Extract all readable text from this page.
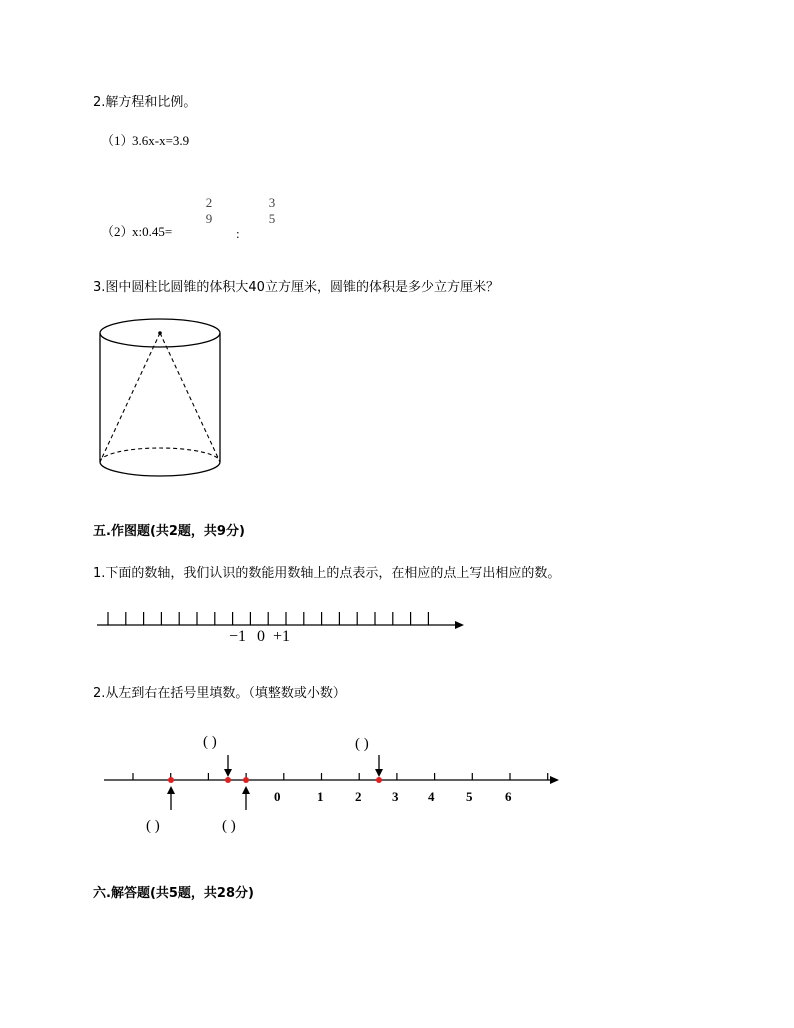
2.解方程和比例。
（1）
3.6x-x=3.9
（2）
x:0.45=
2
9
:
3
5
3.图中圆柱比圆锥的体积大40立方厘米，圆锥的体积是多少立方厘米？
五.作图题(共2题，共9分)
1.下面的数轴，我们认识的数能用数轴上的点表示，在相应的点上写出相应的数。
−1 0 +1
2.从左到右在括号里填数。（填整数或小数）
0	1 2 3 4 5	6
( )	( )
( )	( )
六.解答题(共5题，共28分)
